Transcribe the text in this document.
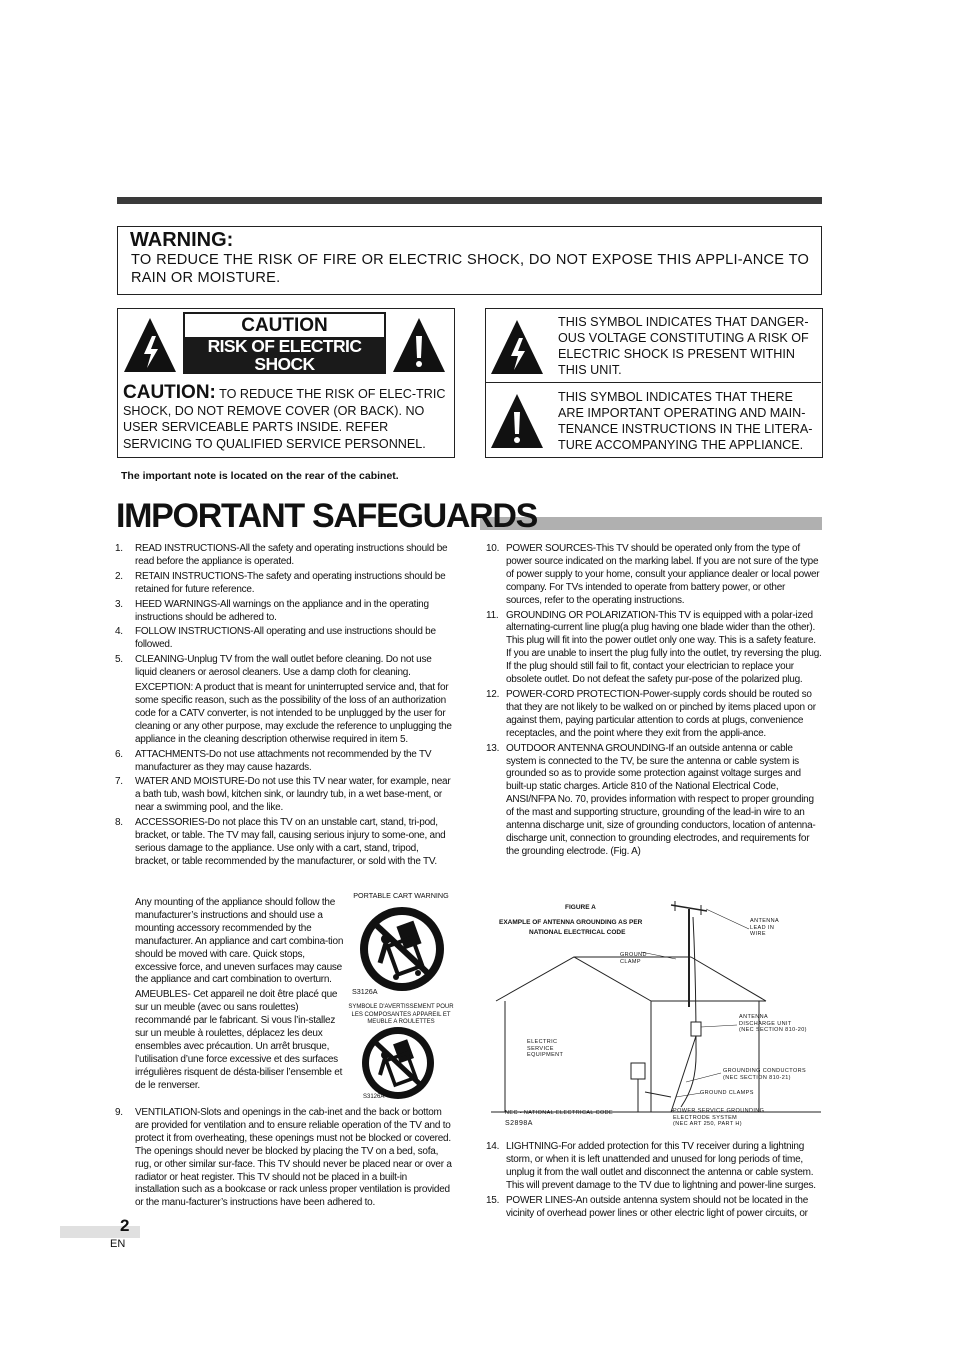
WARNING:
TO REDUCE THE RISK OF FIRE OR ELECTRIC SHOCK, DO NOT EXPOSE THIS APPLI-ANCE TO RAIN OR MOISTURE.
CAUTION
RISK OF ELECTRIC SHOCK
DO NOT OPEN
CAUTION: TO REDUCE THE RISK OF ELEC-TRIC SHOCK, DO NOT REMOVE COVER (OR BACK). NO USER SERVICEABLE PARTS INSIDE. REFER SERVICING TO QUALIFIED SERVICE PERSONNEL.
THIS SYMBOL INDICATES THAT DANGER-OUS VOLTAGE CONSTITUTING A RISK OF ELECTRIC SHOCK IS PRESENT WITHIN THIS UNIT.
THIS SYMBOL INDICATES THAT THERE ARE IMPORTANT OPERATING AND MAIN-TENANCE INSTRUCTIONS IN THE LITERA-TURE ACCOMPANYING THE APPLIANCE.
The important note is located on the rear of the cabinet.
IMPORTANT SAFEGUARDS
1. READ INSTRUCTIONS-All the safety and operating instructions should be read before the appliance is operated.
2. RETAIN INSTRUCTIONS-The safety and operating instructions should be retained for future reference.
3. HEED WARNINGS-All warnings on the appliance and in the operating instructions should be adhered to.
4. FOLLOW INSTRUCTIONS-All operating and use instructions should be followed.
5. CLEANING-Unplug TV from the wall outlet before cleaning. Do not use liquid cleaners or aerosol cleaners. Use a damp cloth for cleaning.
EXCEPTION: A product that is meant for uninterrupted service and, that for some specific reason, such as the possibility of the loss of an authorization code for a CATV converter, is not intended to be unplugged by the user for cleaning or any other purpose, may exclude the reference to unplugging the appliance in the cleaning description otherwise required in item 5.
6. ATTACHMENTS-Do not use attachments not recommended by the TV manufacturer as they may cause hazards.
7. WATER AND MOISTURE-Do not use this TV near water, for example, near a bath tub, wash bowl, kitchen sink, or laundry tub, in a wet base-ment, or near a swimming pool, and the like.
8. ACCESSORIES-Do not place this TV on an unstable cart, stand, tri-pod, bracket, or table. The TV may fall, causing serious injury to some-one, and serious damage to the appliance. Use only with a cart, stand, tripod, bracket, or table recommended by the manufacturer, or sold with the TV.
Any mounting of the appliance should follow the manufacturer’s instructions and should use a mounting accessory recommended by the manufacturer. An appliance and cart combina-tion should be moved with care. Quick stops, excessive force, and uneven surfaces may cause the appliance and cart combination to overturn.
AMEUBLES- Cet appareil ne doit être placé que sur un meuble (avec ou sans roulettes) recommandé par le fabricant. Si vous l’in-stallez sur un meuble à roulettes, déplacez les deux ensembles avec précaution. Un arrêt brusque, l’utilisation d’une force excessive et des surfaces irrégulières risquent de désta-biliser l’ensemble et de le renverser.
PORTABLE CART WARNING
S3126A
SYMBOLE D'AVERTISSEMENT POUR LES COMPOSANTES APPAREIL ET MEUBLE A ROULETTES
S3126A
9. VENTILATION-Slots and openings in the cab-inet and the back or bottom are provided for ventilation and to ensure reliable operation of the TV and to protect it from overheating, these openings must not be blocked or covered. The openings should never be blocked by placing the TV on a bed, sofa, rug, or other similar sur-face. This TV should never be placed near or over a radiator or heat register. This TV should not be placed in a built-in installation such as a bookcase or rack unless proper ventilation is provided or the manu-facturer’s instructions have been adhered to.
10. POWER SOURCES-This TV should be operated only from the type of power source indicated on the marking label. If you are not sure of the type of power supply to your home, consult your appliance dealer or local power company. For TVs intended to operate from battery power, or other sources, refer to the operating instructions.
11. GROUNDING OR POLARIZATION-This TV is equipped with a polar-ized alternating-current line plug(a plug having one blade wider than the other). This plug will fit into the power outlet only one way. This is a safety feature. If you are unable to insert the plug fully into the outlet, try reversing the plug. If the plug should still fail to fit, contact your electrician to replace your obsolete outlet. Do not defeat the safety pur-pose of the polarized plug.
12. POWER-CORD PROTECTION-Power-supply cords should be routed so that they are not likely to be walked on or pinched by items placed upon or against them, paying particular attention to cords at plugs, convenience receptacles, and the point where they exit from the appli-ance.
13. OUTDOOR ANTENNA GROUNDING-If an outside antenna or cable system is connected to the TV, be sure the antenna or cable system is grounded so as to provide some protection against voltage surges and built-up static charges. Article 810 of the National Electrical Code, ANSI/NFPA No. 70, provides information with respect to proper grounding of the mast and supporting structure, grounding of the lead-in wire to an antenna discharge unit, size of grounding conductors, location of antenna-discharge unit, connection to grounding electrodes, and requirements for the grounding electrode. (Fig. A)
FIGURE A
EXAMPLE OF ANTENNA GROUNDING AS PER
NATIONAL ELECTRICAL CODE
ANTENNA
LEAD IN
WIRE
GROUND
CLAMP
ANTENNA
DISCHARGE UNIT
(NEC SECTION 810-20)
ELECTRIC
SERVICE
EQUIPMENT
GROUNDING CONDUCTORS
(NEC SECTION 810-21)
GROUND CLAMPS
NEC - NATIONAL ELECTRICAL CODE
S2898A
POWER SERVICE GROUNDING
ELECTRODE SYSTEM
(NEC ART 250, PART H)
14. LIGHTNING-For added protection for this TV receiver during a lightning storm, or when it is left unattended and unused for long periods of time, unplug it from the wall outlet and disconnect the antenna or cable system. This will prevent damage to the TV due to lightning and power-line surges.
15. POWER LINES-An outside antenna system should not be located in the vicinity of overhead power lines or other electric light of power circuits, or
2
EN
